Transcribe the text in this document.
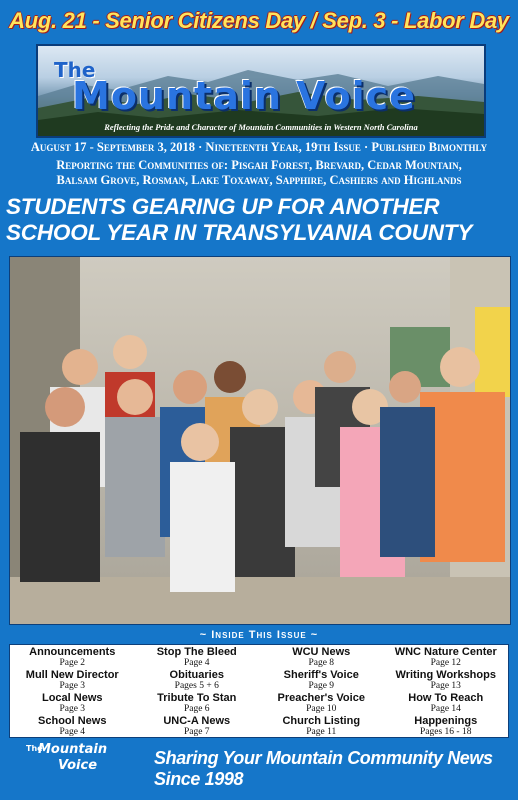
Aug. 21 - Senior Citizens Day / Sep. 3 - Labor Day
The
Mountain Voice
Reflecting the Pride and Character of Mountain Communities in Western North Carolina
August 17 - September 3, 2018 · Nineteenth Year, 19th Issue · Published Bimonthly
Reporting the Communities of: Pisgah Forest, Brevard, Cedar Mountain,
Balsam Grove, Rosman, Lake Toxaway, Sapphire, Cashiers and Highlands
STUDENTS GEARING UP FOR ANOTHER
SCHOOL YEAR IN TRANSYLVANIA COUNTY
~ Inside This Issue ~
Announcements
Page 2
Stop The Bleed
Page 4
WCU News
Page 8
WNC Nature Center
Page 12
Mull New Director
Page 3
Obituaries
Pages 5 + 6
Sheriff's Voice
Page 9
Writing Workshops
Page 13
Local News
Page 3
Tribute To Stan
Page 6
Preacher's Voice
Page 10
How To Reach
Page 14
School News
Page 4
UNC-A News
Page 7
Church Listing
Page 11
Happenings
Pages 16 - 18
The
Mountain
Voice	Sharing Your Mountain Community News Since 1998
